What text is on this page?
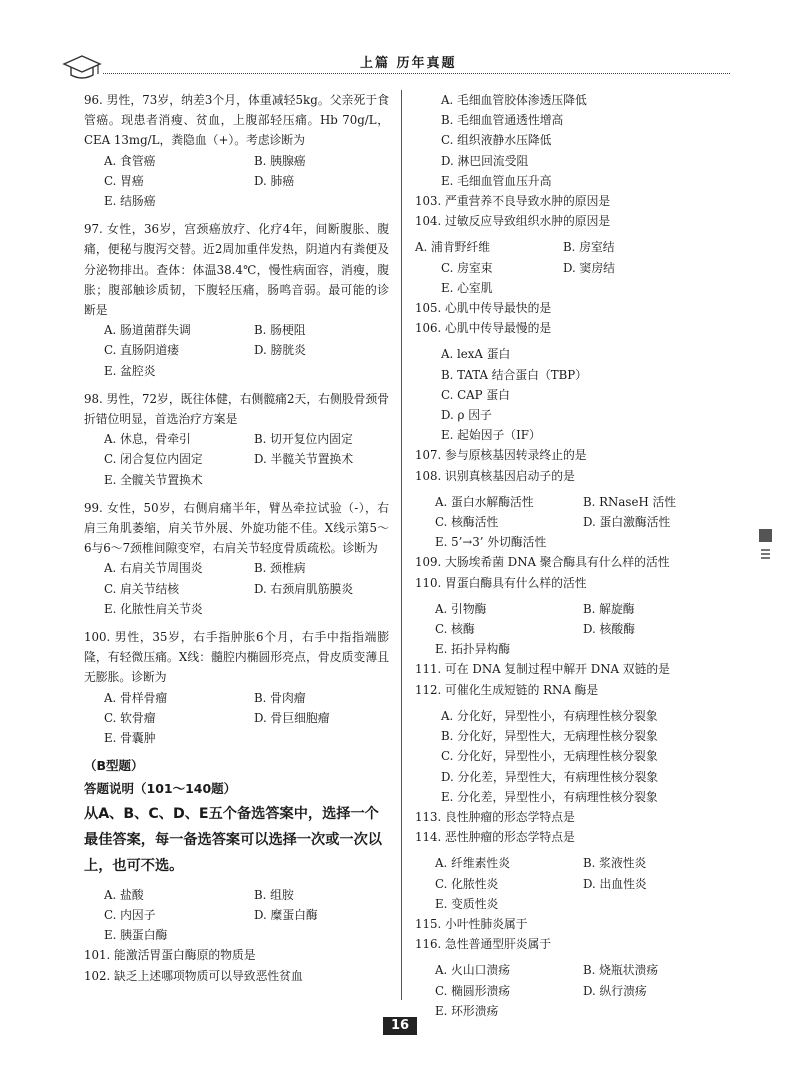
上篇 历年真题
96. 男性，73岁，纳差3个月，体重减轻5kg。父亲死于食管癌。现患者消瘦、贫血，上腹部轻压痛。Hb 70g/L，CEA 13mg/L，粪隐血（+）。考虑诊断为
A. 食管癌	B. 胰腺癌
C. 胃癌	D. 肺癌
E. 结肠癌
97. 女性，36岁，宫颈癌放疗、化疗4年，间断腹胀、腹痛，便秘与腹泻交替。近2周加重伴发热，阴道内有粪便及分泌物排出。查体：体温38.4℃，慢性病面容，消瘦，腹胀；腹部触诊质韧，下腹轻压痛，肠鸣音弱。最可能的诊断是
A. 肠道菌群失调	B. 肠梗阻
C. 直肠阴道瘘	D. 膀胱炎
E. 盆腔炎
98. 男性，72岁，既往体健，右侧髋痛2天，右侧股骨颈骨折错位明显，首选治疗方案是
A. 休息，骨牵引	B. 切开复位内固定
C. 闭合复位内固定	D. 半髋关节置换术
E. 全髋关节置换术
99. 女性，50岁，右侧肩痛半年，臂丛牵拉试验（-），右肩三角肌萎缩，肩关节外展、外旋功能不佳。X线示第5～6与6～7颈椎间隙变窄，右肩关节轻度骨质疏松。诊断为
A. 右肩关节周围炎	B. 颈椎病
C. 肩关节结核	D. 右颈肩肌筋膜炎
E. 化脓性肩关节炎
100. 男性，35岁，右手指肿胀6个月，右手中指指端膨隆，有轻微压痛。X线：髓腔内椭圆形亮点，骨皮质变薄且无膨胀。诊断为
A. 骨样骨瘤	B. 骨肉瘤
C. 软骨瘤	D. 骨巨细胞瘤
E. 骨囊肿
（B型题）
答题说明（101～140题）
从A、B、C、D、E五个备选答案中，选择一个最佳答案，每一备选答案可以选择一次或一次以上，也可不选。
A. 盐酸	B. 组胺
C. 内因子	D. 糜蛋白酶
E. 胰蛋白酶
101. 能激活胃蛋白酶原的物质是
102. 缺乏上述哪项物质可以导致恶性贫血
A. 毛细血管胶体渗透压降低
B. 毛细血管通透性增高
C. 组织液静水压降低
D. 淋巴回流受阻
E. 毛细血管血压升高
103. 严重营养不良导致水肿的原因是
104. 过敏反应导致组织水肿的原因是
A. 浦肯野纤维	B. 房室结
C. 房室束	D. 窦房结
E. 心室肌
105. 心肌中传导最快的是
106. 心肌中传导最慢的是
A. lexA 蛋白
B. TATA 结合蛋白（TBP）
C. CAP 蛋白
D. ρ 因子
E. 起始因子（IF）
107. 参与原核基因转录终止的是
108. 识别真核基因启动子的是
A. 蛋白水解酶活性	B. RNaseH 活性
C. 核酶活性	D. 蛋白激酶活性
E. 5’→3’ 外切酶活性
109. 大肠埃希菌 DNA 聚合酶具有什么样的活性
110. 胃蛋白酶具有什么样的活性
A. 引物酶	B. 解旋酶
C. 核酶	D. 核酸酶
E. 拓扑异构酶
111. 可在 DNA 复制过程中解开 DNA 双链的是
112. 可催化生成短链的 RNA 酶是
A. 分化好，异型性小，有病理性核分裂象
B. 分化好，异型性大，无病理性核分裂象
C. 分化好，异型性小，无病理性核分裂象
D. 分化差，异型性大，有病理性核分裂象
E. 分化差，异型性小，有病理性核分裂象
113. 良性肿瘤的形态学特点是
114. 恶性肿瘤的形态学特点是
A. 纤维素性炎	B. 浆液性炎
C. 化脓性炎	D. 出血性炎
E. 变质性炎
115. 小叶性肺炎属于
116. 急性普通型肝炎属于
A. 火山口溃疡	B. 烧瓶状溃疡
C. 椭圆形溃疡	D. 纵行溃疡
E. 环形溃疡
16
